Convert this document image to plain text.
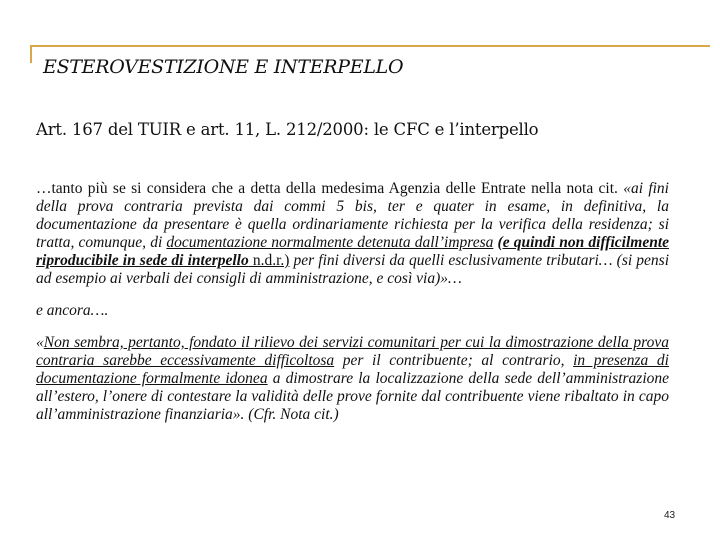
ESTEROVESTIZIONE E INTERPELLO

Art. 167 del TUIR e art. 11, L. 212/2000: le CFC e l’interpello

…tanto più se si considera che a detta della medesima Agenzia delle Entrate nella nota cit. «ai fini della prova contraria prevista dai commi 5 bis, ter e quater in esame, in definitiva, la documentazione da presentare è quella ordinariamente richiesta per la verifica della residenza; si tratta, comunque, di documentazione normalmente detenuta dall’impresa (e quindi non difficilmente riproducibile in sede di interpello n.d.r.) per fini diversi da quelli esclusivamente tributari… (si pensi ad esempio ai verbali dei consigli di amministrazione, e così via)»…

e ancora….

«Non sembra, pertanto, fondato il rilievo dei servizi comunitari per cui la dimostrazione della prova contraria sarebbe eccessivamente difficoltosa per il contribuente; al contrario, in presenza di documentazione formalmente idonea a dimostrare la localizzazione della sede dell’amministrazione all’estero, l’onere di contestare la validità delle prove fornite dal contribuente viene ribaltato in capo all’amministrazione finanziaria». (Cfr. Nota cit.)

43
